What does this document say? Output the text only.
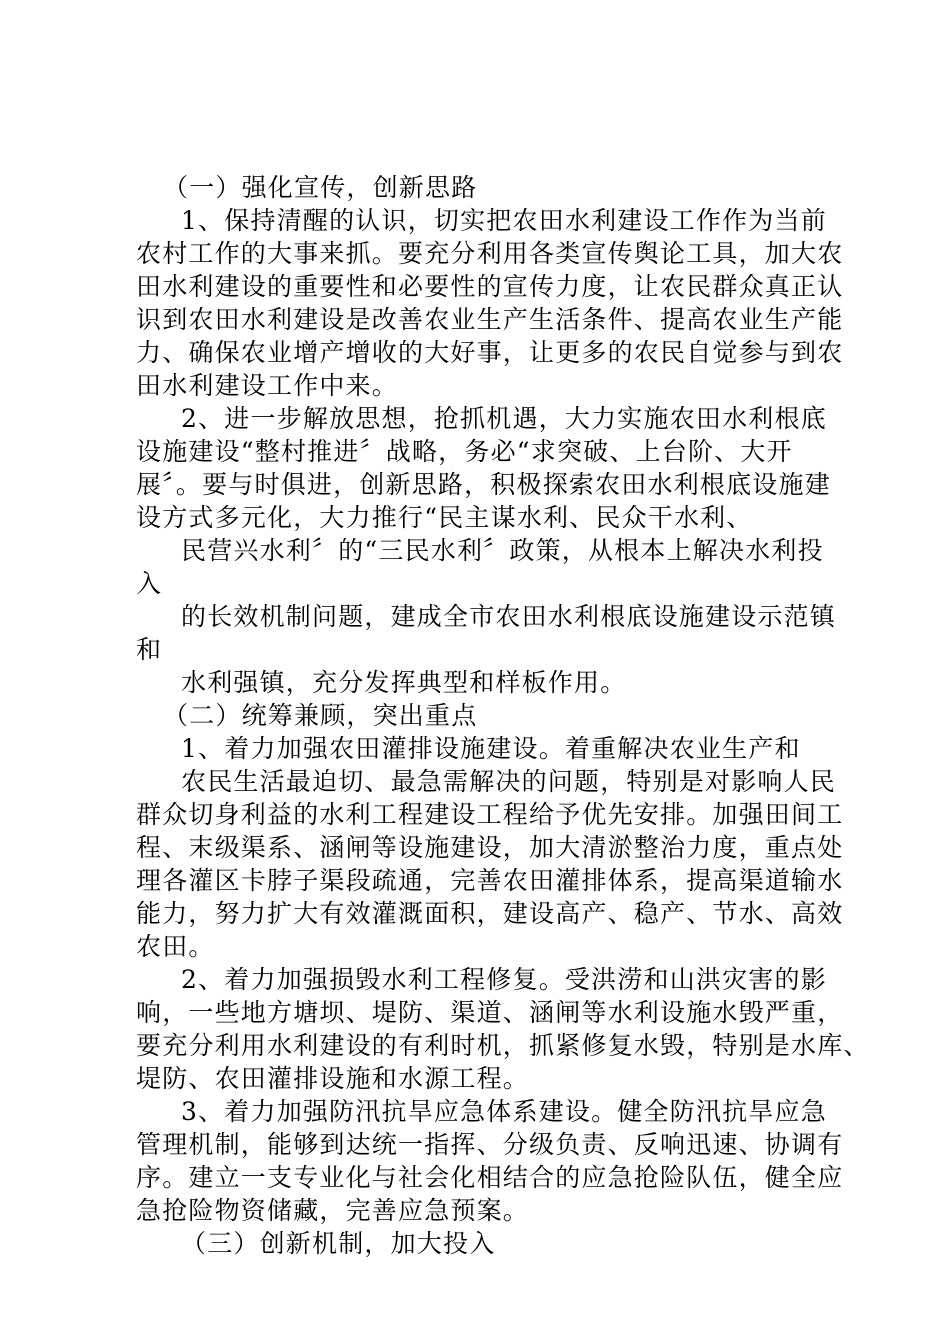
（一）强化宣传，创新思路
1、保持清醒的认识，切实把农田水利建设工作作为当前
农村工作的大事来抓。要充分利用各类宣传舆论工具，加大农
田水利建设的重要性和必要性的宣传力度，让农民群众真正认
识到农田水利建设是改善农业生产生活条件、提高农业生产能
力、确保农业增产增收的大好事，让更多的农民自觉参与到农
田水利建设工作中来。
2、进一步解放思想，抢抓机遇，大力实施农田水利根底
设施建设“整村推进〞战略，务必“求突破、上台阶、大开
展〞。要与时俱进，创新思路，积极探索农田水利根底设施建
设方式多元化，大力推行“民主谋水利、民众干水利、
民营兴水利〞的“三民水利〞政策，从根本上解决水利投
入
的长效机制问题，建成全市农田水利根底设施建设示范镇
和
水利强镇，充分发挥典型和样板作用。
（二）统筹兼顾，突出重点
1、着力加强农田灌排设施建设。着重解决农业生产和
农民生活最迫切、最急需解决的问题，特别是对影响人民
群众切身利益的水利工程建设工程给予优先安排。加强田间工
程、末级渠系、涵闸等设施建设，加大清淤整治力度，重点处
理各灌区卡脖子渠段疏通，完善农田灌排体系，提高渠道输水
能力，努力扩大有效灌溉面积，建设高产、稳产、节水、高效
农田。
2、着力加强损毁水利工程修复。受洪涝和山洪灾害的影
响，一些地方塘坝、堤防、渠道、涵闸等水利设施水毁严重，
要充分利用水利建设的有利时机，抓紧修复水毁，特别是水库、
堤防、农田灌排设施和水源工程。
3、着力加强防汛抗旱应急体系建设。健全防汛抗旱应急
管理机制，能够到达统一指挥、分级负责、反响迅速、协调有
序。建立一支专业化与社会化相结合的应急抢险队伍，健全应
急抢险物资储藏，完善应急预案。
（三）创新机制，加大投入
